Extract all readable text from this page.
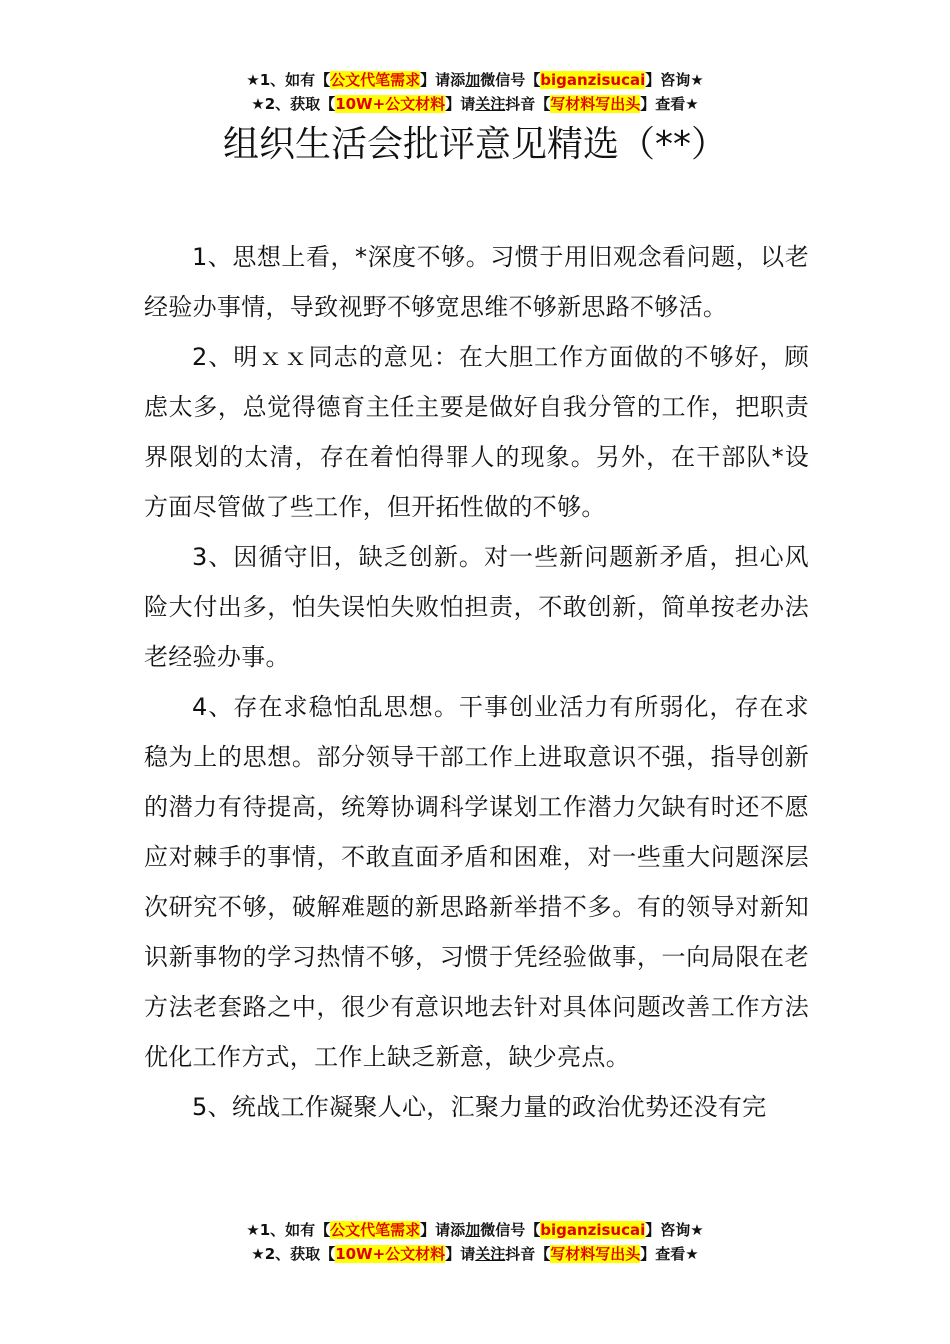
★1、如有【公文代笔需求】请添加微信号【biganzisucai】咨询★
★2、获取【10W+公文材料】请关注抖音【写材料写出头】查看★
组织生活会批评意见精选（**）

1、思想上看，*深度不够。习惯于用旧观念看问题，以老经验办事情，导致视野不够宽思维不够新思路不够活。

2、明ｘｘ同志的意见：在大胆工作方面做的不够好，顾虑太多，总觉得德育主任主要是做好自我分管的工作，把职责界限划的太清，存在着怕得罪人的现象。另外，在干部队*设方面尽管做了些工作，但开拓性做的不够。

3、因循守旧，缺乏创新。对一些新问题新矛盾，担心风险大付出多，怕失误怕失败怕担责，不敢创新，简单按老办法老经验办事。

4、存在求稳怕乱思想。干事创业活力有所弱化，存在求稳为上的思想。部分领导干部工作上进取意识不强，指导创新的潜力有待提高，统筹协调科学谋划工作潜力欠缺有时还不愿应对棘手的事情，不敢直面矛盾和困难，对一些重大问题深层次研究不够，破解难题的新思路新举措不多。有的领导对新知识新事物的学习热情不够，习惯于凭经验做事，一向局限在老方法老套路之中，很少有意识地去针对具体问题改善工作方法优化工作方式，工作上缺乏新意，缺少亮点。

5、统战工作凝聚人心，汇聚力量的政治优势还没有完

★1、如有【公文代笔需求】请添加微信号【biganzisucai】咨询★
★2、获取【10W+公文材料】请关注抖音【写材料写出头】查看★
